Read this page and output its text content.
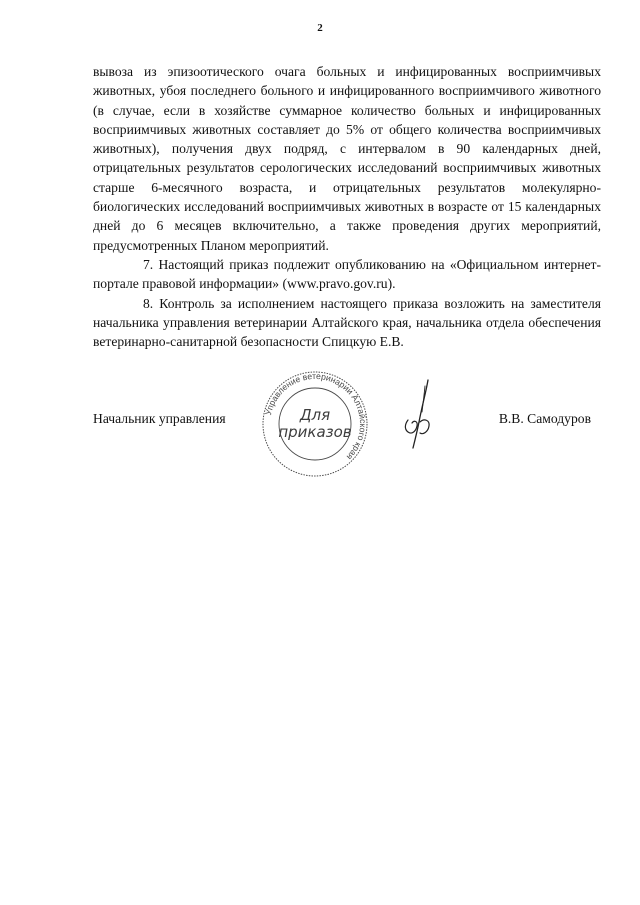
2

вывоза из эпизоотического очага больных и инфицированных восприимчивых животных, убоя последнего больного и инфицированного восприимчивого животного (в случае, если в хозяйстве суммарное количество больных и инфицированных восприимчивых животных составляет до 5% от общего количества восприимчивых животных), получения двух подряд, с интервалом в 90 календарных дней, отрицательных результатов серологических исследований восприимчивых животных старше 6-месячного возраста, и отрицательных результатов молекулярно-биологических исследований восприимчивых животных в возрасте от 15 календарных дней до 6 месяцев включительно, а также проведения других мероприятий, предусмотренных Планом мероприятий.

7. Настоящий приказ подлежит опубликованию на «Официальном интернет-портале правовой информации» (www.pravo.gov.ru).

8. Контроль за исполнением настоящего приказа возложить на заместителя начальника управления ветеринарии Алтайского края, начальника отдела обеспечения ветеринарно-санитарной безопасности Спицкую Е.В.

Начальник управления	В.В. Самодуров
Управление ветеринарии Алтайского края
Для
приказов
